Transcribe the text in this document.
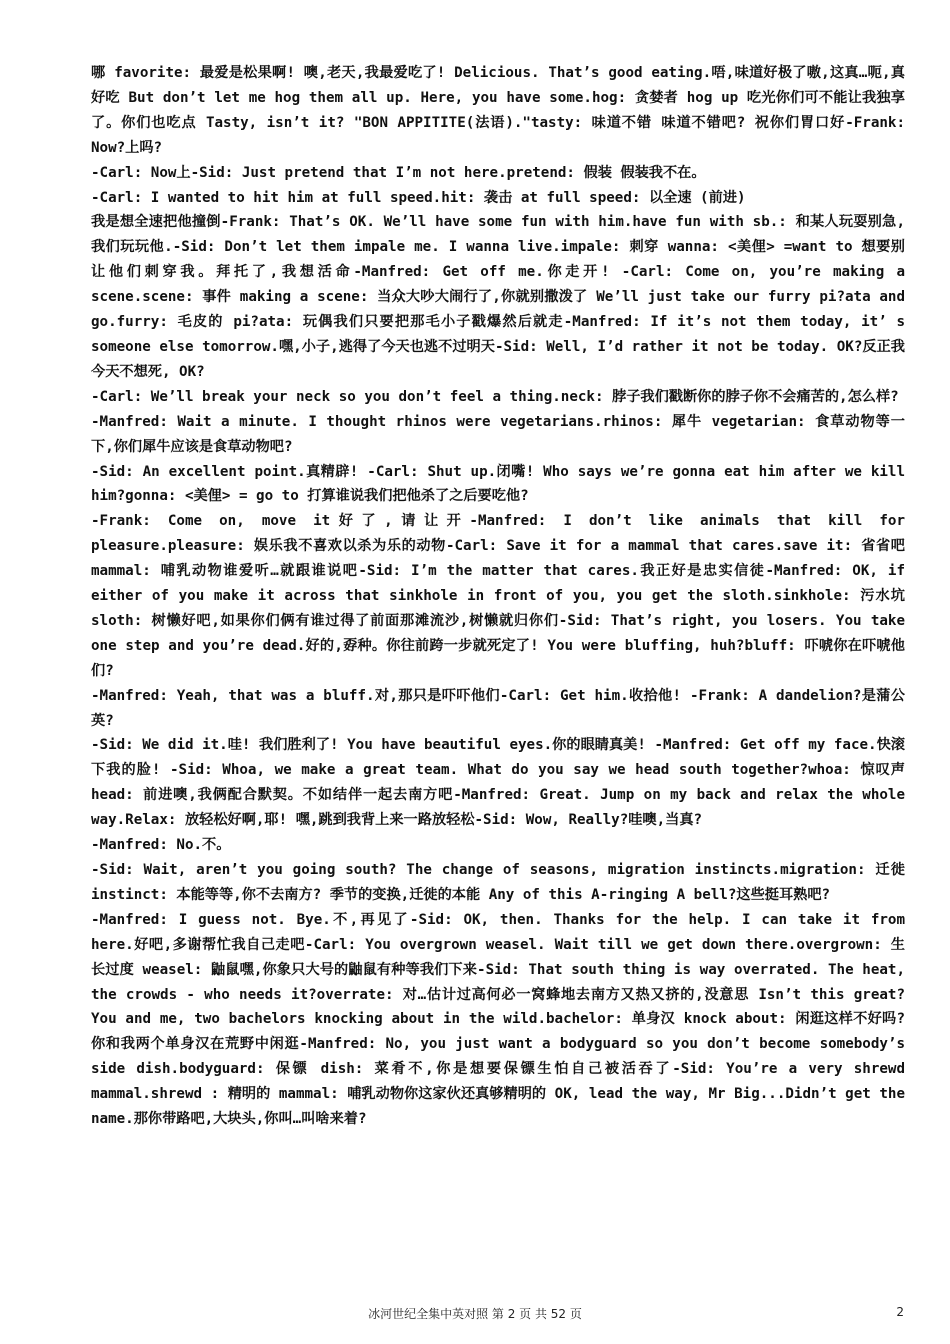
哪 favorite: 最爱是松果啊! 噢,老天,我最爱吃了! Delicious. That’s good eating.唔,味道好极了嗷,这真…呃,真好吃 But don’t let me hog them all up. Here, you have some.hog: 贪婪者 hog up 吃光你们可不能让我独享了。你们也吃点 Tasty, isn’t it? "BON APPITITE(法语)."tasty: 味道不错 味道不错吧? 祝你们胃口好-Frank: Now?上吗?

-Carl: Now上-Sid: Just pretend that I’m not here.pretend: 假装 假装我不在。

-Carl: I wanted to hit him at full speed.hit: 袭击 at full speed: 以全速 (前进)

我是想全速把他撞倒-Frank: That’s OK. We’ll have some fun with him.have fun with sb.: 和某人玩耍别急,我们玩玩他.-Sid: Don’t let them impale me. I wanna live.impale: 刺穿 wanna: <美俚> =want to 想要别让他们刺穿我。拜托了,我想活命-Manfred: Get off me.你走开! -Carl: Come on, you’re making a scene.scene: 事件 making a scene: 当众大吵大闹行了,你就别撒泼了 We’ll just take our furry pi?ata and go.furry: 毛皮的 pi?ata: 玩偶我们只要把那毛小子戳爆然后就走-Manfred: If it’s not them today, it’ s someone else tomorrow.嘿,小子,逃得了今天也逃不过明天-Sid: Well, I’d rather it not be today. OK?反正我今天不想死, OK?

-Carl: We’ll break your neck so you don’t feel a thing.neck: 脖子我们戳断你的脖子你不会痛苦的,怎么样?

-Manfred: Wait a minute. I thought rhinos were vegetarians.rhinos: 犀牛 vegetarian: 食草动物等一下,你们犀牛应该是食草动物吧?

-Sid: An excellent point.真精辟! -Carl: Shut up.闭嘴! Who says we’re gonna eat him after we kill him?gonna: <美俚> = go to 打算谁说我们把他杀了之后要吃他?

-Frank: Come on, move it好了,请让开-Manfred: I don’t like animals that kill for pleasure.pleasure: 娱乐我不喜欢以杀为乐的动物-Carl: Save it for a mammal that cares.save it: 省省吧 mammal: 哺乳动物谁爱听…就跟谁说吧-Sid: I’m the matter that cares.我正好是忠实信徒-Manfred: OK, if either of you make it across that sinkhole in front of you, you get the sloth.sinkhole: 污水坑 sloth: 树懒好吧,如果你们俩有谁过得了前面那滩流沙,树懒就归你们-Sid: That’s right, you losers. You take one step and you’re dead.好的,孬种。你往前跨一步就死定了! You were bluffing, huh?bluff: 吓唬你在吓唬他们?

-Manfred: Yeah, that was a bluff.对,那只是吓吓他们-Carl: Get him.收拾他! -Frank: A dandelion?是蒲公英?

-Sid: We did it.哇! 我们胜利了! You have beautiful eyes.你的眼睛真美! -Manfred: Get off my face.快滚下我的脸! -Sid: Whoa, we make a great team. What do you say we head south together?whoa: 惊叹声 head: 前进噢,我俩配合默契。不如结伴一起去南方吧-Manfred: Great. Jump on my back and relax the whole way.Relax: 放轻松好啊,耶! 嘿,跳到我背上来一路放轻松-Sid: Wow, Really?哇噢,当真?

-Manfred: No.不。

-Sid: Wait, aren’t you going south? The change of seasons, migration instincts.migration: 迁徙 instinct: 本能等等,你不去南方? 季节的变换,迁徙的本能 Any of this A-ringing A bell?这些挺耳熟吧?

-Manfred: I guess not. Bye.不,再见了-Sid: OK, then. Thanks for the help. I can take it from here.好吧,多谢帮忙我自己走吧-Carl: You overgrown weasel. Wait till we get down there.overgrown: 生长过度 weasel: 鼬鼠嘿,你象只大号的鼬鼠有种等我们下来-Sid: That south thing is way overrated. The heat, the crowds - who needs it?overrate: 对…估计过高何必一窝蜂地去南方又热又挤的,没意思 Isn’t this great? You and me, two bachelors knocking about in the wild.bachelor: 单身汉 knock about: 闲逛这样不好吗? 你和我两个单身汉在荒野中闲逛-Manfred: No, you just want a bodyguard so you don’t become somebody’s side dish.bodyguard: 保镖 dish: 菜肴不,你是想要保镖生怕自己被活吞了-Sid: You’re a very shrewd mammal.shrewd : 精明的 mammal: 哺乳动物你这家伙还真够精明的 OK, lead the way, Mr Big...Didn’t get the name.那你带路吧,大块头,你叫…叫啥来着?

冰河世纪全集中英对照 第 2 页 共 52 页	2
